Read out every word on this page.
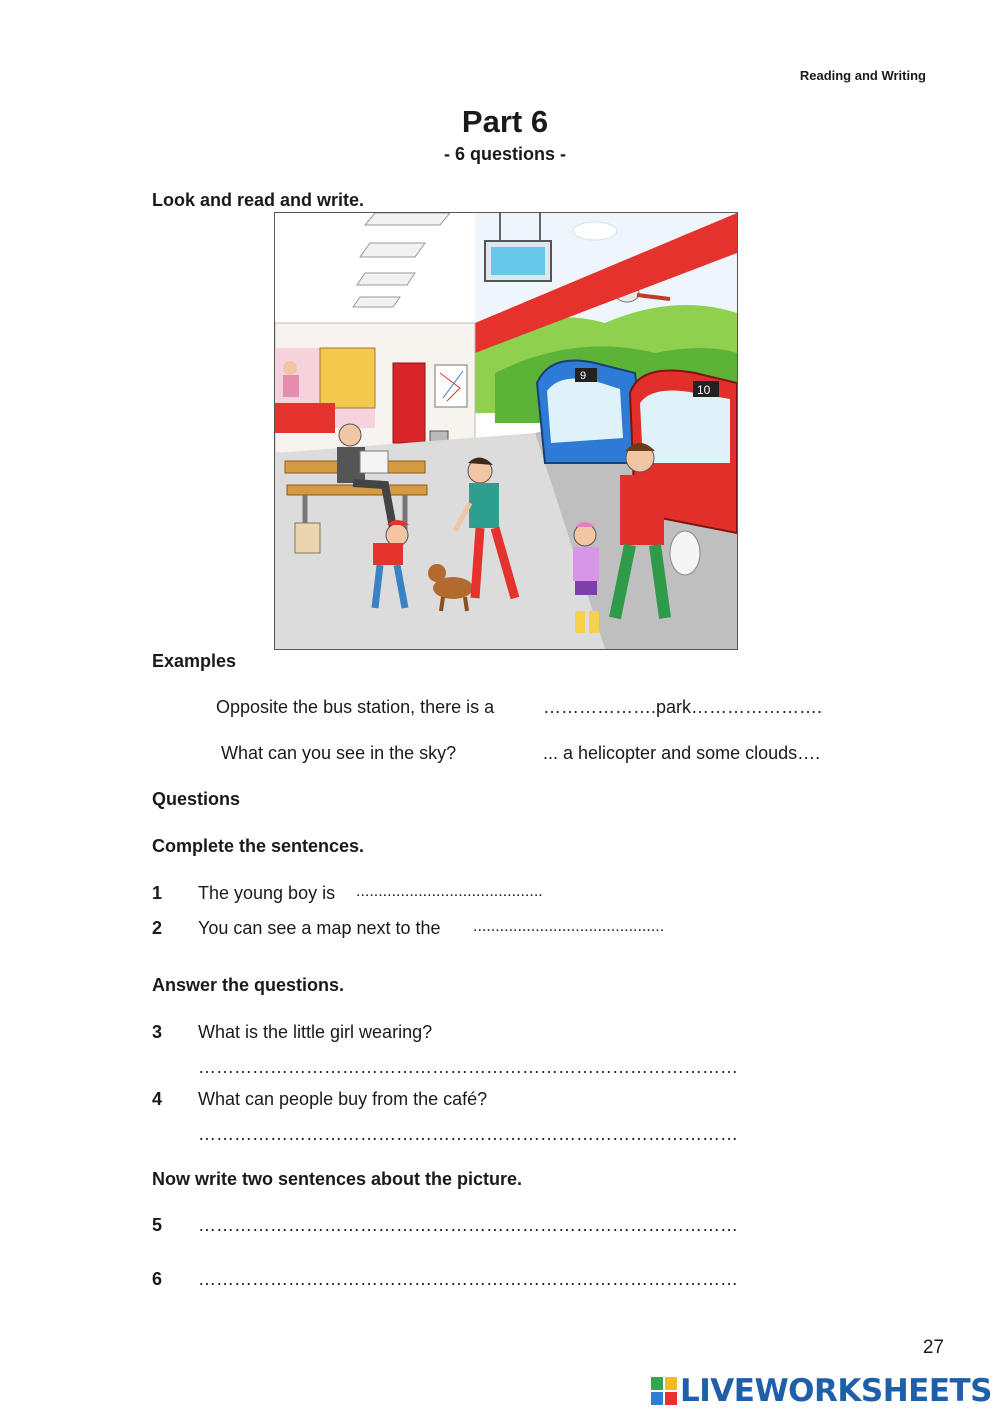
Reading and Writing
Part 6
- 6 questions -
Look and read and write.
9
10
Examples
Opposite the bus station, there is a	……………….park………………….
What can you see in the sky?	... a helicopter and some clouds….
Questions
Complete the sentences.
1 The young boy is ..........................................
2 You can see a map next to the ...........................................
Answer the questions.
3 What is the little girl wearing?
………………………………………………………………………………
4 What can people buy from the café?
………………………………………………………………………………
Now write two sentences about the picture.
5 ………………………………………………………………………………
6 ………………………………………………………………………………
27
LIVEWORKSHEETS
